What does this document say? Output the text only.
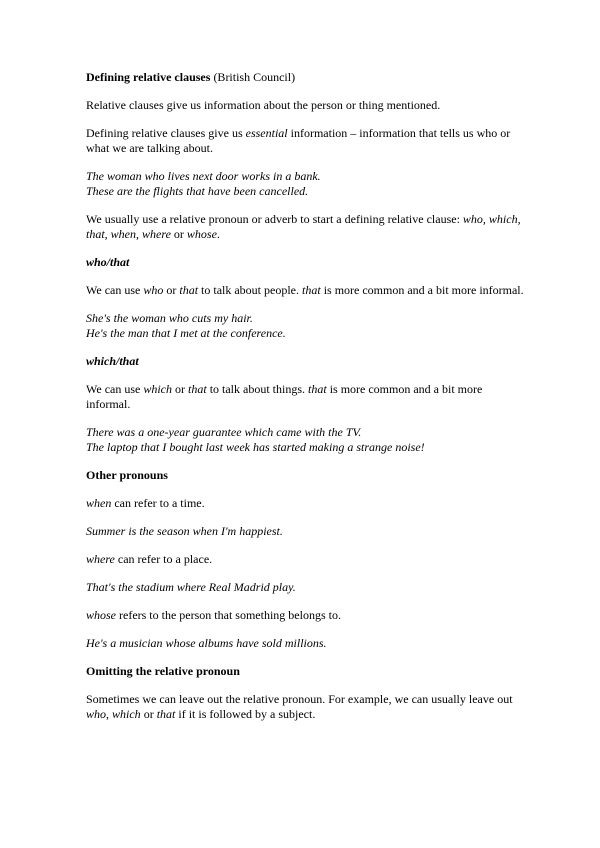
Defining relative clauses (British Council)

Relative clauses give us information about the person or thing mentioned.

Defining relative clauses give us essential information – information that tells us who or what we are talking about.

The woman who lives next door works in a bank.
These are the flights that have been cancelled.

We usually use a relative pronoun or adverb to start a defining relative clause: who, which, that, when, where or whose.

who/that

We can use who or that to talk about people. that is more common and a bit more informal.

She's the woman who cuts my hair.
He's the man that I met at the conference.

which/that

We can use which or that to talk about things. that is more common and a bit more informal.

There was a one-year guarantee which came with the TV.
The laptop that I bought last week has started making a strange noise!

Other pronouns

when can refer to a time.

Summer is the season when I'm happiest.

where can refer to a place.

That's the stadium where Real Madrid play.

whose refers to the person that something belongs to.

He's a musician whose albums have sold millions.

Omitting the relative pronoun

Sometimes we can leave out the relative pronoun. For example, we can usually leave out who, which or that if it is followed by a subject.
